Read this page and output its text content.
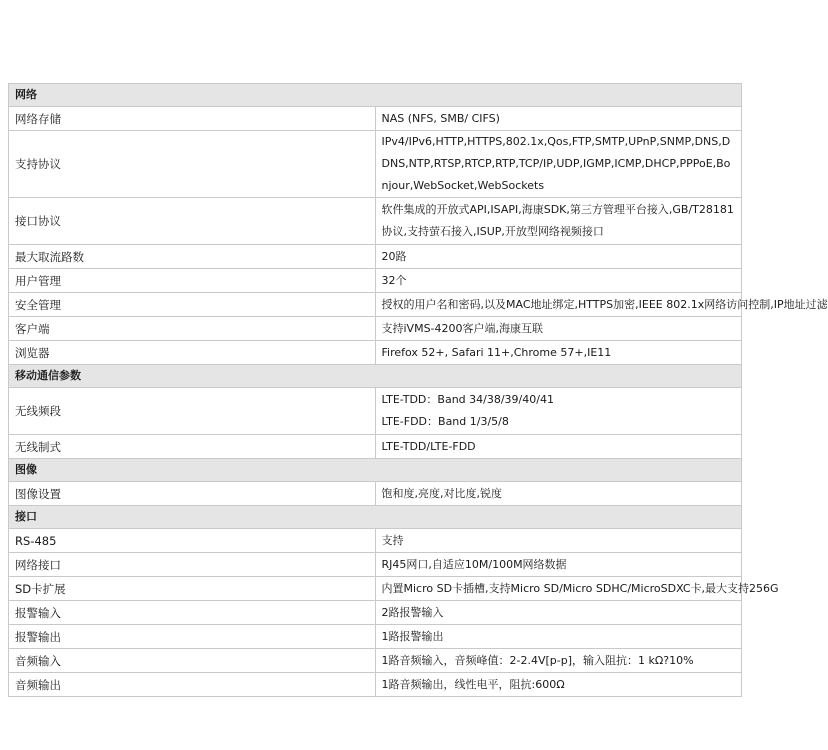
网络	
网络存储	NAS (NFS, SMB/ CIFS)
支持协议	IPv4/IPv6,HTTP,HTTPS,802.1x,Qos,FTP,SMTP,UPnP,SNMP,DNS,DDNS,NTP,RTSP,RTCP,RTP,TCP/IP,UDP,IGMP,ICMP,DHCP,PPPoE,Bonjour,WebSocket,WebSockets
接口协议	软件集成的开放式API,ISAPI,海康SDK,第三方管理平台接入,GB/T28181协议,支持萤石接入,ISUP,开放型网络视频接口
最大取流路数	20路
用户管理	32个
安全管理	授权的用户名和密码,以及MAC地址绑定,HTTPS加密,IEEE 802.1x网络访问控制,IP地址过滤
客户端	支持iVMS-4200客户端,海康互联
浏览器	Firefox 52+, Safari 11+,Chrome 57+,IE11
移动通信参数	
无线频段	LTE-TDD：Band 34/38/39/40/41
LTE-FDD：Band 1/3/5/8

无线制式	LTE-TDD/LTE-FDD
图像	
图像设置	饱和度,亮度,对比度,锐度
接口	
RS-485	支持
网络接口	RJ45网口,自适应10M/100M网络数据
SD卡扩展	内置Micro SD卡插槽,支持Micro SD/Micro SDHC/MicroSDXC卡,最大支持256G
报警输入	2路报警输入
报警输出	1路报警输出
音频输入	1路音频输入，音频峰值：2-2.4V[p-p]，输入阻抗：1 kΩ?10%
音频输出	1路音频输出，线性电平，阻抗:600Ω
